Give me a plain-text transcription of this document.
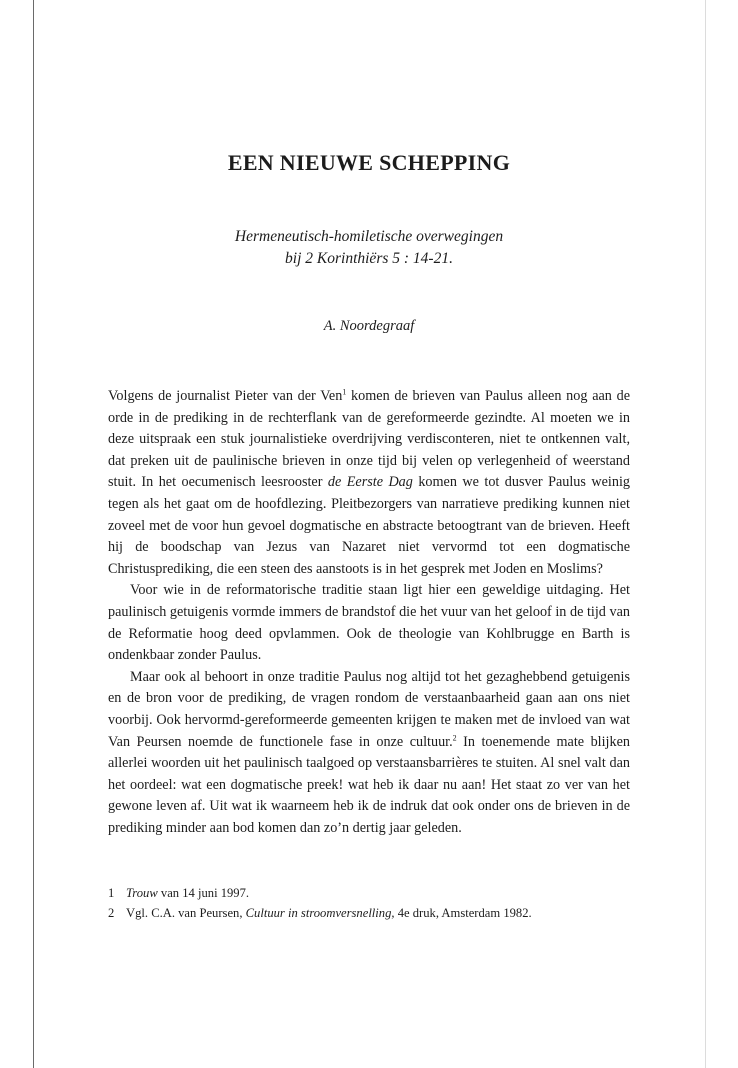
EEN NIEUWE SCHEPPING
Hermeneutisch-homiletische overwegingen
bij 2 Korinthiërs 5 : 14-21.
A. Noordegraaf

Volgens de journalist Pieter van der Ven$^1$ komen de brieven van Paulus alleen nog aan de orde in de prediking in de rechterflank van de gereformeerde gezindte. Al moeten we in deze uitspraak een stuk journalistieke overdrijving verdisconteren, niet te ontkennen valt, dat preken uit de paulinische brieven in onze tijd bij velen op verlegenheid of weerstand stuit. In het oecumenisch leesrooster de Eerste Dag komen we tot dusver Paulus weinig tegen als het gaat om de hoofdlezing. Pleitbezorgers van narratieve prediking kunnen niet zoveel met de voor hun gevoel dogmatische en abstracte betoogtrant van de brieven. Heeft hij de boodschap van Jezus van Nazaret niet vervormd tot een dogmatische Christusprediking, die een steen des aanstoots is in het gesprek met Joden en Moslims?

Voor wie in de reformatorische traditie staan ligt hier een geweldige uitdaging. Het paulinisch getuigenis vormde immers de brandstof die het vuur van het geloof in de tijd van de Reformatie hoog deed opvlammen. Ook de theologie van Kohlbrugge en Barth is ondenkbaar zonder Paulus.

Maar ook al behoort in onze traditie Paulus nog altijd tot het gezaghebbend getuigenis en de bron voor de prediking, de vragen rondom de verstaanbaarheid gaan aan ons niet voorbij. Ook hervormd-gereformeerde gemeenten krijgen te maken met de invloed van wat Van Peursen noemde de functionele fase in onze cultuur.$^2$ In toenemende mate blijken allerlei woorden uit het paulinisch taalgoed op verstaansbarrières te stuiten. Al snel valt dan het oordeel: wat een dogmatische preek! wat heb ik daar nu aan! Het staat zo ver van het gewone leven af. Uit wat ik waarneem heb ik de indruk dat ook onder ons de brieven in de prediking minder aan bod komen dan zo’n dertig jaar geleden.

1 Trouw van 14 juni 1997.
2 Vgl. C.A. van Peursen, Cultuur in stroomversnelling, 4e druk, Amsterdam 1982.
